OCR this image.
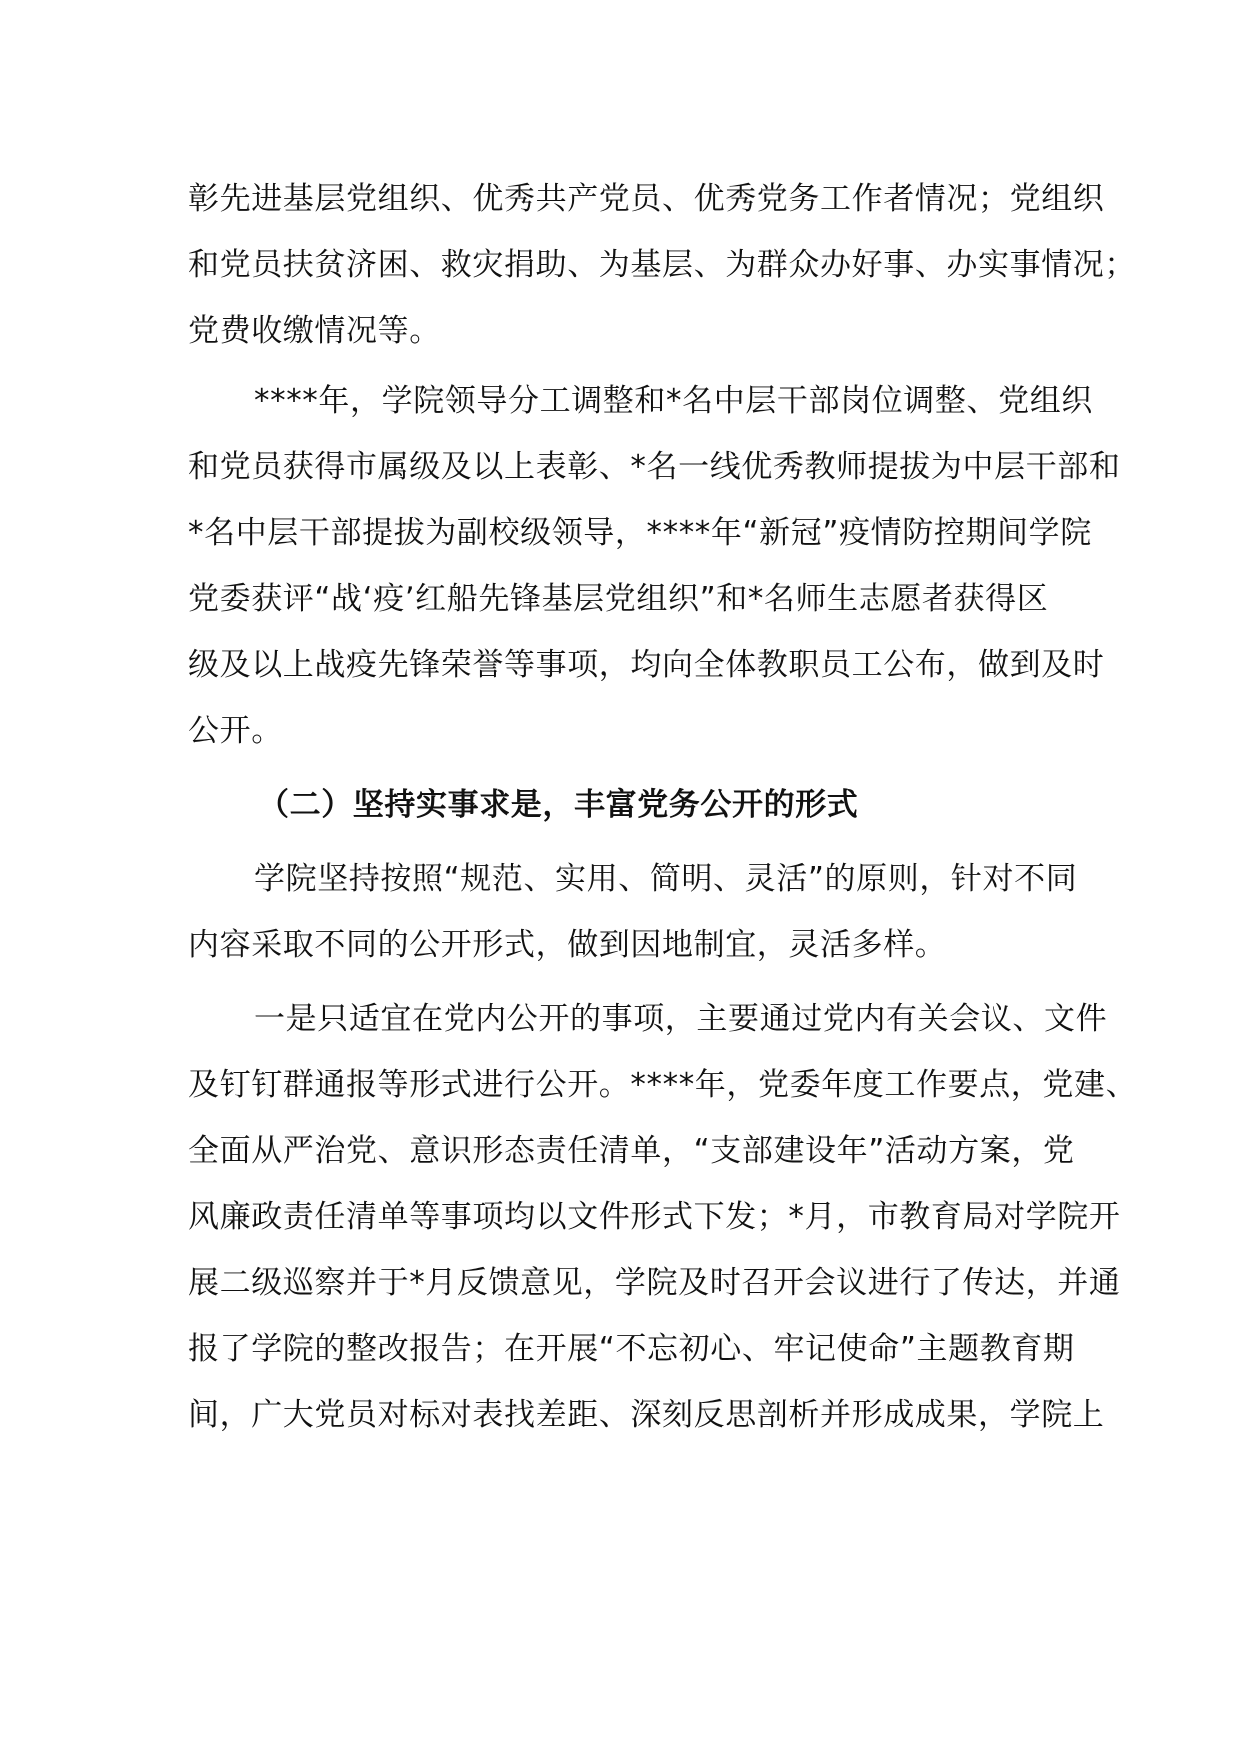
彰先进基层党组织、优秀共产党员、优秀党务工作者情况；党组织
和党员扶贫济困、救灾捐助、为基层、为群众办好事、办实事情况；
党费收缴情况等。
****年，学院领导分工调整和*名中层干部岗位调整、党组织
和党员获得市属级及以上表彰、*名一线优秀教师提拔为中层干部和
*名中层干部提拔为副校级领导，****年“新冠”疫情防控期间学院
党委获评“战‘疫’红船先锋基层党组织”和*名师生志愿者获得区
级及以上战疫先锋荣誉等事项，均向全体教职员工公布，做到及时
公开。
（二）坚持实事求是，丰富党务公开的形式
学院坚持按照“规范、实用、简明、灵活”的原则，针对不同
内容采取不同的公开形式，做到因地制宜，灵活多样。
一是只适宜在党内公开的事项，主要通过党内有关会议、文件
及钉钉群通报等形式进行公开。****年，党委年度工作要点，党建、
全面从严治党、意识形态责任清单，“支部建设年”活动方案，党
风廉政责任清单等事项均以文件形式下发；*月，市教育局对学院开
展二级巡察并于*月反馈意见，学院及时召开会议进行了传达，并通
报了学院的整改报告；在开展“不忘初心、牢记使命”主题教育期
间，广大党员对标对表找差距、深刻反思剖析并形成成果，学院上
